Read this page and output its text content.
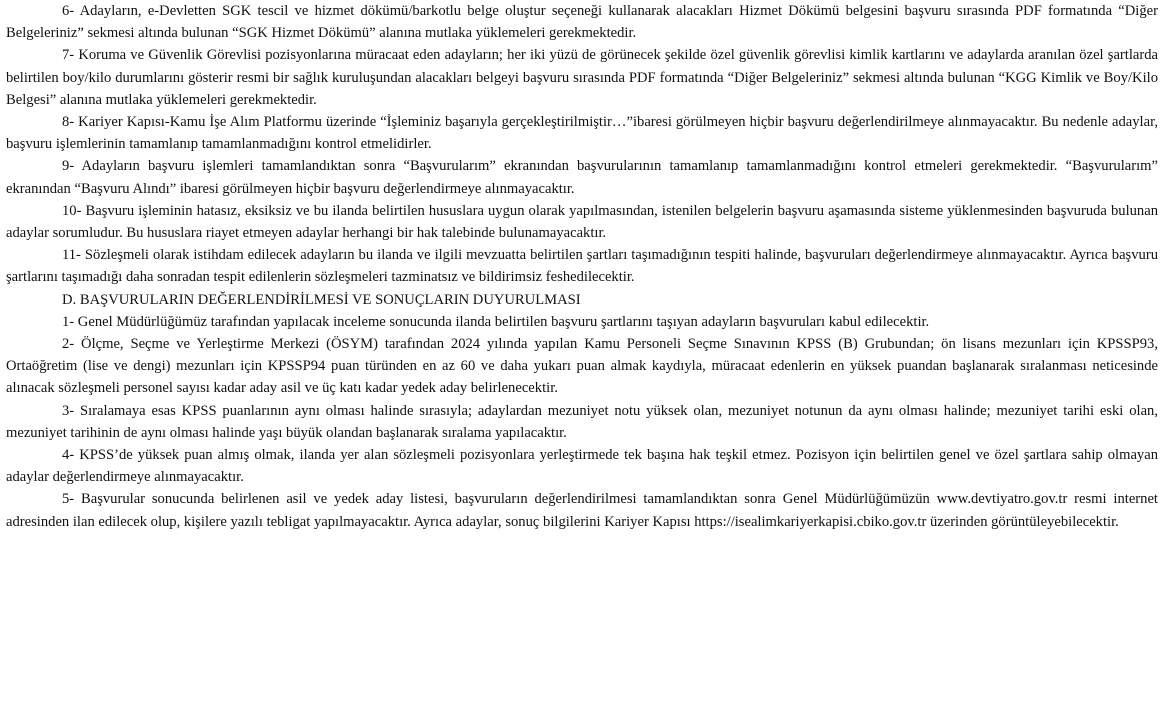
6- Adayların, e-Devletten SGK tescil ve hizmet dökümü/barkotlu belge oluştur seçeneği kullanarak alacakları Hizmet Dökümü belgesini başvuru sırasında PDF formatında “Diğer Belgeleriniz” sekmesi altında bulunan “SGK Hizmet Dökümü” alanına mutlaka yüklemeleri gerekmektedir.

7- Koruma ve Güvenlik Görevlisi pozisyonlarına müracaat eden adayların; her iki yüzü de görünecek şekilde özel güvenlik görevlisi kimlik kartlarını ve adaylarda aranılan özel şartlarda belirtilen boy/kilo durumlarını gösterir resmi bir sağlık kuruluşundan alacakları belgeyi başvuru sırasında PDF formatında “Diğer Belgeleriniz” sekmesi altında bulunan “KGG Kimlik ve Boy/Kilo Belgesi” alanına mutlaka yüklemeleri gerekmektedir.

8- Kariyer Kapısı-Kamu İşe Alım Platformu üzerinde “İşleminiz başarıyla gerçekleştirilmiştir…”ibaresi görülmeyen hiçbir başvuru değerlendirilmeye alınmayacaktır. Bu nedenle adaylar, başvuru işlemlerinin tamamlanıp tamamlanmadığını kontrol etmelidirler.

9- Adayların başvuru işlemleri tamamlandıktan sonra “Başvurularım” ekranından başvurularının tamamlanıp tamamlanmadığını kontrol etmeleri gerekmektedir. “Başvurularım” ekranından “Başvuru Alındı” ibaresi görülmeyen hiçbir başvuru değerlendirmeye alınmayacaktır.

10- Başvuru işleminin hatasız, eksiksiz ve bu ilanda belirtilen hususlara uygun olarak yapılmasından, istenilen belgelerin başvuru aşamasında sisteme yüklenmesinden başvuruda bulunan adaylar sorumludur. Bu hususlara riayet etmeyen adaylar herhangi bir hak talebinde bulunamayacaktır.

11- Sözleşmeli olarak istihdam edilecek adayların bu ilanda ve ilgili mevzuatta belirtilen şartları taşımadığının tespiti halinde, başvuruları değerlendirmeye alınmayacaktır. Ayrıca başvuru şartlarını taşımadığı daha sonradan tespit edilenlerin sözleşmeleri tazminatsız ve bildirimsiz feshedilecektir.

D. BAŞVURULARIN DEĞERLENDİRİLMESİ VE SONUÇLARIN DUYURULMASI

1- Genel Müdürlüğümüz tarafından yapılacak inceleme sonucunda ilanda belirtilen başvuru şartlarını taşıyan adayların başvuruları kabul edilecektir.

2- Ölçme, Seçme ve Yerleştirme Merkezi (ÖSYM) tarafından 2024 yılında yapılan Kamu Personeli Seçme Sınavının KPSS (B) Grubundan; ön lisans mezunları için KPSSP93, Ortaöğretim (lise ve dengi) mezunları için KPSSP94 puan türünden en az 60 ve daha yukarı puan almak kaydıyla, müracaat edenlerin en yüksek puandan başlanarak sıralanması neticesinde alınacak sözleşmeli personel sayısı kadar aday asil ve üç katı kadar yedek aday belirlenecektir.

3- Sıralamaya esas KPSS puanlarının aynı olması halinde sırasıyla; adaylardan mezuniyet notu yüksek olan, mezuniyet notunun da aynı olması halinde; mezuniyet tarihi eski olan, mezuniyet tarihinin de aynı olması halinde yaşı büyük olandan başlanarak sıralama yapılacaktır.

4- KPSS’de yüksek puan almış olmak, ilanda yer alan sözleşmeli pozisyonlara yerleştirmede tek başına hak teşkil etmez. Pozisyon için belirtilen genel ve özel şartlara sahip olmayan adaylar değerlendirmeye alınmayacaktır.

5- Başvurular sonucunda belirlenen asil ve yedek aday listesi, başvuruların değerlendirilmesi tamamlandıktan sonra Genel Müdürlüğümüzün www.devtiyatro.gov.tr resmi internet adresinden ilan edilecek olup, kişilere yazılı tebligat yapılmayacaktır. Ayrıca adaylar, sonuç bilgilerini Kariyer Kapısı https://isealimkariyerkapisi.cbiko.gov.tr üzerinden görüntüleyebilecektir.
